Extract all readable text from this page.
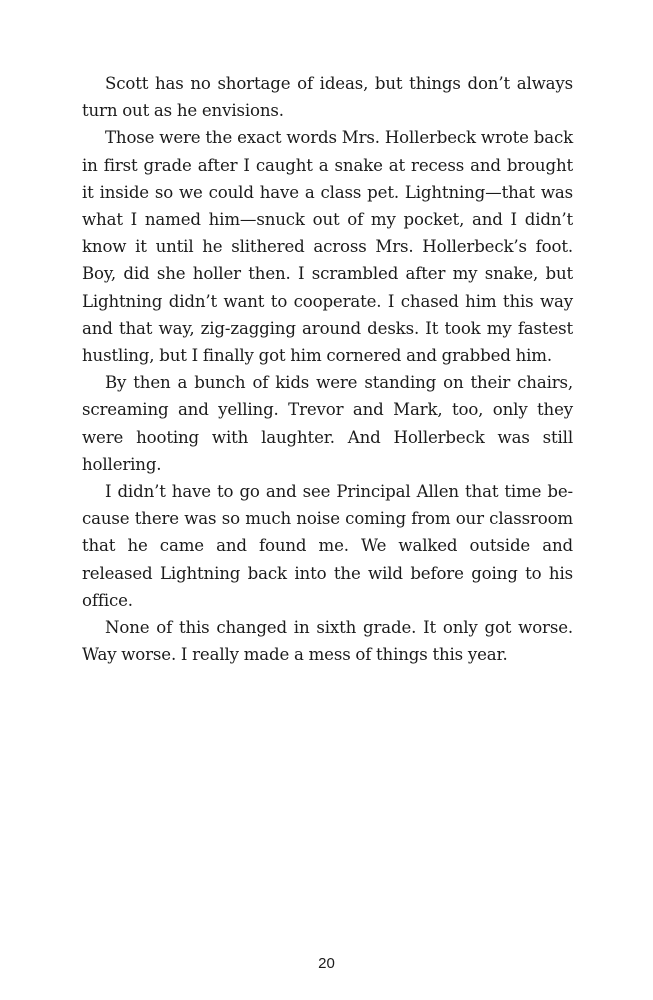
Scott has no shortage of ideas, but things don’t always turn out as he envisions.

Those were the exact words Mrs. Hollerbeck wrote back in first grade after I caught a snake at recess and brought it inside so we could have a class pet. Lightning—that was what I named him—snuck out of my pocket, and I didn’t know it until he slithered across Mrs. Hollerbeck’s foot. Boy, did she holler then. I scrambled after my snake, but Lightning didn’t want to cooperate. I chased him this way and that way, zig-zagging around desks. It took my fastest hustling, but I finally got him cornered and grabbed him.

By then a bunch of kids were standing on their chairs, screaming and yelling. Trevor and Mark, too, only they were hooting with laughter. And Hollerbeck was still hollering.

I didn’t have to go and see Principal Allen that time be-cause there was so much noise coming from our classroom that he came and found me. We walked outside and released Lightning back into the wild before going to his office.

None of this changed in sixth grade. It only got worse. Way worse. I really made a mess of things this year.

20
